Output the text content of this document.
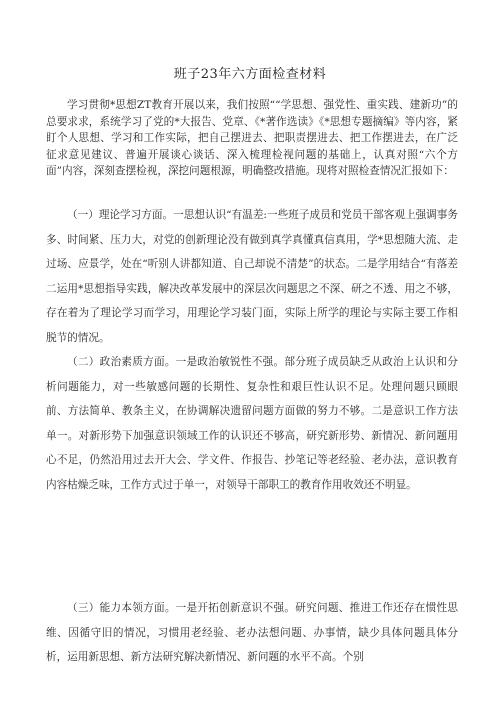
班子23年六方面检查材料

学习贯彻*思想ZT教育开展以来，我们按照““学思想、强党性、重实践、建新功”的总要求求，系统学习了党的*大报告、党章、《*著作选读》《*思想专题摘编》等内容，紧盯个人思想、学习和工作实际，把自己摆进去、把职责摆进去、把工作摆进去，在广泛征求意见建议、普遍开展谈心谈话、深入梳理检视问题的基础上，认真对照“六个方面”内容，深刻查摆检视，深挖问题根源，明确整改措施。现将对照检查情况汇报如下：

（一）理论学习方面。一思想认识“有温差:一些班子成员和党员干部客观上强调事务多、时间紧、压力大，对党的创新理论没有做到真学真懂真信真用，学*思想随大流、走过场、应景学，处在“听别人讲都知道、自己却说不清楚”的状态。二是学用结合“有落差二运用*思想指导实践，解决改革发展中的深层次问题思之不深、研之不透、用之不够，存在着为了理论学习而学习，用理论学习装门面，实际上所学的理论与实际主要工作相脱节的情况。

（二）政治素质方面。一是政治敏锐性不强。部分班子成员缺乏从政治上认识和分析问题能力，对一些敏感问题的长期性、复杂性和艰巨性认识不足。处理问题只顾眼前、方法简单、教条主义，在协调解决遗留问题方面做的努力不够。二是意识工作方法单一。对新形势下加强意识领域工作的认识还不够高，研究新形势、新情况、新问题用心不足，仍然沿用过去开大会、学文件、作报告、抄笔记等老经验、老办法，意识教育内容枯燥乏味，工作方式过于单一，对领导干部职工的教育作用收效还不明显。

（三）能力本领方面。一是开拓创新意识不强。研究问题、推进工作还存在惯性思维、因循守旧的情况，习惯用老经验、老办法想问题、办事情，缺少具体问题具体分析，运用新思想、新方法研究解决新情况、新问题的水平不高。个别
